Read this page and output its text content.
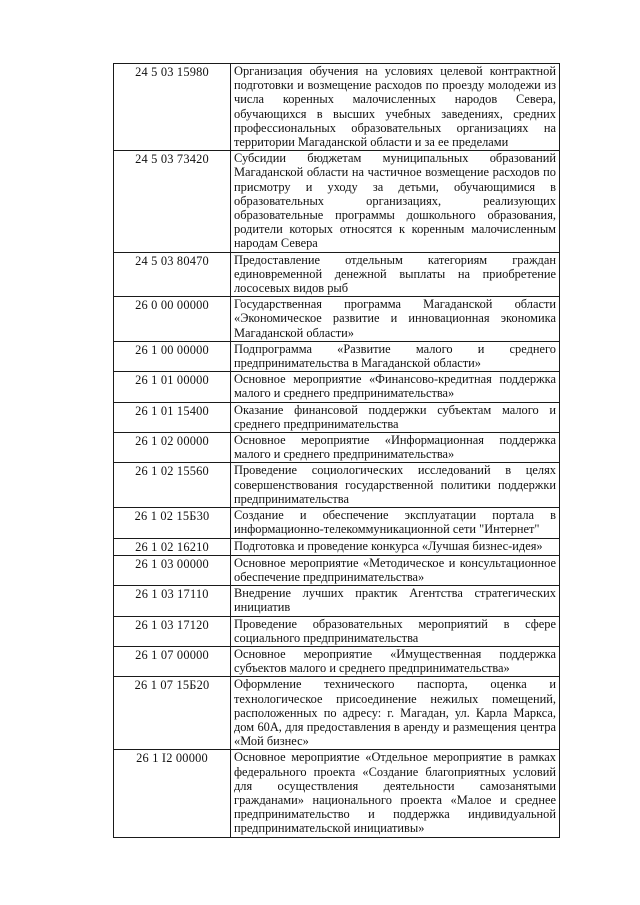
24 5 03 15980	Организация обучения на условиях целевой контрактной подготовки и возмещение расходов по проезду молодежи из числа коренных малочисленных народов Севера, обучающихся в высших учебных заведениях, средних профессиональных образовательных организациях на территории Магаданской области и за ее пределами
24 5 03 73420	Субсидии бюджетам муниципальных образований Магаданской области на частичное возмещение расходов по присмотру и уходу за детьми, обучающимися в образовательных организациях, реализующих образовательные программы дошкольного образования, родители которых относятся к коренным малочисленным народам Севера
24 5 03 80470	Предоставление отдельным категориям граждан единовременной денежной выплаты на приобретение лососевых видов рыб
26 0 00 00000	Государственная программа Магаданской области «Экономическое развитие и инновационная экономика Магаданской области»
26 1 00 00000	Подпрограмма «Развитие малого и среднего предпринимательства в Магаданской области»
26 1 01 00000	Основное мероприятие «Финансово-кредитная поддержка малого и среднего предпринимательства»
26 1 01 15400	Оказание финансовой поддержки субъектам малого и среднего предпринимательства
26 1 02 00000	Основное мероприятие «Информационная поддержка малого и среднего предпринимательства»
26 1 02 15560	Проведение социологических исследований в целях совершенствования государственной политики поддержки предпринимательства
26 1 02 15Б30	Создание и обеспечение эксплуатации портала в информационно-телекоммуникационной сети "Интернет"
26 1 02 16210	Подготовка и проведение конкурса «Лучшая бизнес-идея»
26 1 03 00000	Основное мероприятие «Методическое и консультационное обеспечение предпринимательства»
26 1 03 17110	Внедрение лучших практик Агентства стратегических инициатив
26 1 03 17120	Проведение образовательных мероприятий в сфере социального предпринимательства
26 1 07 00000	Основное мероприятие «Имущественная поддержка субъектов малого и среднего предпринимательства»
26 1 07 15Б20	Оформление технического паспорта, оценка и технологическое присоединение нежилых помещений, расположенных по адресу: г. Магадан, ул. Карла Маркса, дом 60А, для предоставления в аренду и размещения центра «Мой бизнес»
26 1 I2 00000	Основное мероприятие «Отдельное мероприятие в рамках федерального проекта «Создание благоприятных условий для осуществления деятельности самозанятыми гражданами» национального проекта «Малое и среднее предпринимательство и поддержка индивидуальной предпринимательской инициативы»
